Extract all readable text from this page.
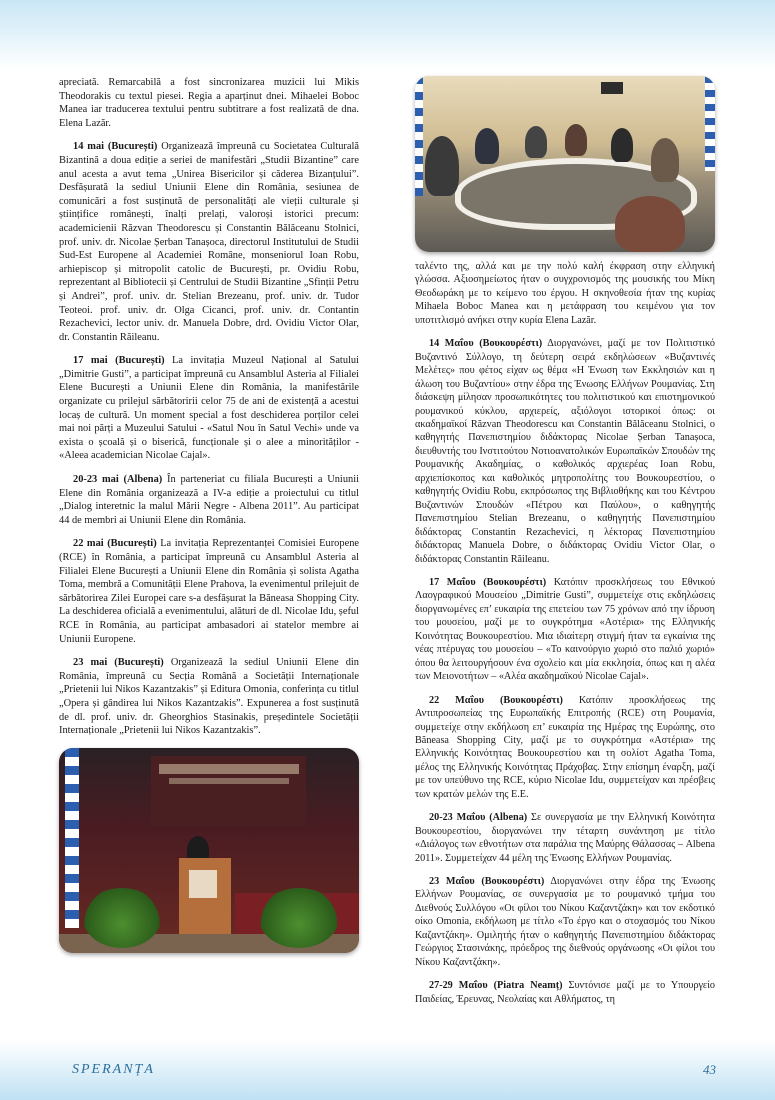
apreciată. Remarcabilă a fost sincronizarea muzicii lui Mikis Theodorakis cu textul piesei. Regia a aparținut dnei. Mihaelei Boboc Manea iar traducerea textului pentru subtitrare a fost realizată de dna. Elena Lazăr.

14 mai (București) Organizează împreună cu Societatea Culturală Bizantină a doua ediție a seriei de manifestări „Studii Bizantine” care anul acesta a avut tema „Unirea Bisericilor și căderea Bizanțului”. Desfășurată la sediul Uniunii Elene din România, sesiunea de comunicări a fost susținută de personalități ale vieții culturale și științifice românești, înalți prelați, valoroși istorici precum: academicienii Răzvan Theodorescu și Constantin Bălăceanu Stolnici, prof. univ. dr. Nicolae Șerban Tanașoca, directorul Institutului de Studii Sud-Est Europene al Academiei Române, monseniorul Ioan Robu, arhiepiscop și mitropolit catolic de București, pr. Ovidiu Robu, reprezentant al Bibliotecii și Centrului de Studii Bizantine „Sfinții Petru și Andrei”, prof. univ. dr. Stelian Brezeanu, prof. univ. dr. Tudor Teoteoi. prof. univ. dr. Olga Cicanci, prof. univ. dr. Contantin Rezachevici, lector univ. dr. Manuela Dobre, drd. Ovidiu Victor Olar, dr. Constantin Răileanu.

17 mai (București) La invitația Muzeul Național al Satului „Dimitrie Gusti”, a participat împreună cu Ansamblul Asteria al Filialei Elene București a Uniunii Elene din România, la manifestările organizate cu prilejul sărbătoririi celor 75 de ani de existență a acestui locaș de cultură. Un moment special a fost deschiderea porților celei mai noi părți a Muzeului Satului - «Satul Nou în Satul Vechi» unde va exista o școală și o biserică, funcționale și o alee a minorităților - «Aleea academician Nicolae Cajal».

20-23 mai (Albena) În parteneriat cu filiala București a Uniunii Elene din România organizează a IV-a ediție a proiectului cu titlul „Dialog interetnic la malul Mării Negre - Albena 2011”. Au participat 44 de membri ai Uniunii Elene din România.

22 mai (București) La invitația Reprezentanței Comisiei Europene (RCE) în România, a participat împreună cu Ansamblul Asteria al Filialei Elene București a Uniunii Elene din România și solista Agatha Toma, membră a Comunității Elene Prahova, la evenimentul prilejuit de sărbătorirea Zilei Europei care s-a desfășurat la Băneasa Shopping City. La deschiderea oficială a evenimentului, alături de dl. Nicolae Idu, șeful RCE în România, au participat ambasadori ai statelor membre ai Uniunii Europene.

23 mai (București) Organizează la sediul Uniunii Elene din România, împreună cu Secția Română a Societății Internaționale „Prietenii lui Nikos Kazantzakis” și Editura Omonia, conferința cu titlul „Opera și gândirea lui Nikos Kazantzakis”. Expunerea a fost susținută de dl. prof. univ. dr. Gheorghios Stasinakis, președintele Societății Internaționale „Prietenii lui Nikos Kazantzakis”.

ταλέντο της, αλλά και με την πολύ καλή έκφραση στην ελληνική γλώσσα. Αξιοσημείωτος ήταν ο συγχρονισμός της μουσικής του Μίκη Θεοδωράκη με το κείμενο του έργου. Η σκηνοθεσία ήταν της κυρίας Mihaela Boboc Manea και η μετάφραση του κειμένου για τον υποτιτλισμό ανήκει στην κυρία Elena Lazăr.

14 Μαΐου (Βουκουρέστι) Διοργανώνει, μαζί με τον Πολιτιστικό Βυζαντινό Σύλλογο, τη δεύτερη σειρά εκδηλώσεων «Βυζαντινές Μελέτες» που φέτος είχαν ως θέμα «Η Ένωση των Εκκλησιών και η άλωση του Βυζαντίου» στην έδρα της Ένωσης Ελλήνων Ρουμανίας. Στη διάσκεψη μίλησαν προσωπικότητες του πολιτιστικού και επιστημονικού ρουμανικού κύκλου, αρχιερείς, αξιόλογοι ιστορικοί όπως: οι ακαδημαϊκοί Răzvan Theodorescu και Constantin Bălăceanu Stolnici, ο καθηγητής Πανεπιστημίου διδάκτορας Nicolae Șerban Tanașoca, διευθυντής του Ινστιτούτου Νοτιοανατολικών Ευρωπαϊκών Σπουδών της Ρουμανικής Ακαδημίας, ο καθολικός αρχιερέας Ioan Robu, αρχιεπίσκοπος και καθολικός μητροπολίτης του Βουκουρεστίου, ο καθηγητής Ovidiu Robu, εκπρόσωπος της Βιβλιοθήκης και του Κέντρου Βυζαντινών Σπουδών «Πέτρου και Παύλου», ο καθηγητής Πανεπιστημίου Stelian Brezeanu, ο καθηγητής Πανεπιστημίου διδάκτορας Constantin Rezachevici, η λέκτορας Πανεπιστημίου διδάκτορας Manuela Dobre, ο διδάκτορας Ovidiu Victor Olar, ο διδάκτορας Constantin Răileanu.

17 Μαΐου (Βουκουρέστι) Κατόπιν προσκλήσεως του Εθνικού Λαογραφικού Μουσείου „Dimitrie Gusti”, συμμετείχε στις εκδηλώσεις διοργανωμένες επ’ ευκαιρία της επετείου των 75 χρόνων από την ίδρυση του μουσείου, μαζί με το συγκρότημα «Αστέρια» της Ελληνικής Κοινότητας Βουκουρεστίου. Μια ιδιαίτερη στιγμή ήταν τα εγκαίνια της νέας πτέρυγας του μουσείου – «Το καινούργιο χωριό στο παλιό χωριό» όπου θα λειτουργήσουν ένα σχολείο και μία εκκλησία, όπως και η αλέα των Μειονοτήτων – «Αλέα ακαδημαϊκού Nicolae Cajal».

22 Μαΐου (Βουκουρέστι) Κατόπιν προσκλήσεως της Αντιπροσωπείας της Ευρωπαϊκής Επιτροπής (RCE) στη Ρουμανία, συμμετείχε στην εκδήλωση επ’ ευκαιρία της Ημέρας της Ευρώπης, στο Băneasa Shopping City, μαζί με το συγκρότημα «Αστέρια» της Ελληνικής Κοινότητας Βουκουρεστίου και τη σολίστ Agatha Toma, μέλος της Ελληνικής Κοινότητας Πράχοβας. Στην επίσημη έναρξη, μαζί με τον υπεύθυνο της RCE, κύριο Nicolae Idu, συμμετείχαν και πρέσβεις των κρατών μελών της Ε.Ε.

20-23 Μαΐου (Albena) Σε συνεργασία με την Ελληνική Κοινότητα Βουκουρεστίου, διοργανώνει την τέταρτη συνάντηση με τίτλο «Διάλογος των εθνοτήτων στα παράλια της Μαύρης Θάλασσας – Albena 2011». Συμμετείχαν 44 μέλη της Ένωσης Ελλήνων Ρουμανίας.

23 Μαΐου (Βουκουρέστι) Διοργανώνει στην έδρα της Ένωσης Ελλήνων Ρουμανίας, σε συνεργασία με το ρουμανικό τμήμα του Διεθνούς Συλλόγου «Οι φίλοι του Νίκου Καζαντζάκη» και τον εκδοτικό οίκο Omonia, εκδήλωση με τίτλο «Το έργο και ο στοχασμός του Νίκου Καζαντζάκη». Ομιλητής ήταν ο καθηγητής Πανεπιστημίου διδάκτορας Γεώργιος Στασινάκης, πρόεδρος της διεθνούς οργάνωσης «Οι φίλοι του Νίκου Καζαντζάκη».

27-29 Μαΐου (Piatra Neamț) Συντόνισε μαζί με το Υπουργείο Παιδείας, Έρευνας, Νεολαίας και Αθλήματος, τη

SPERANȚA	43
